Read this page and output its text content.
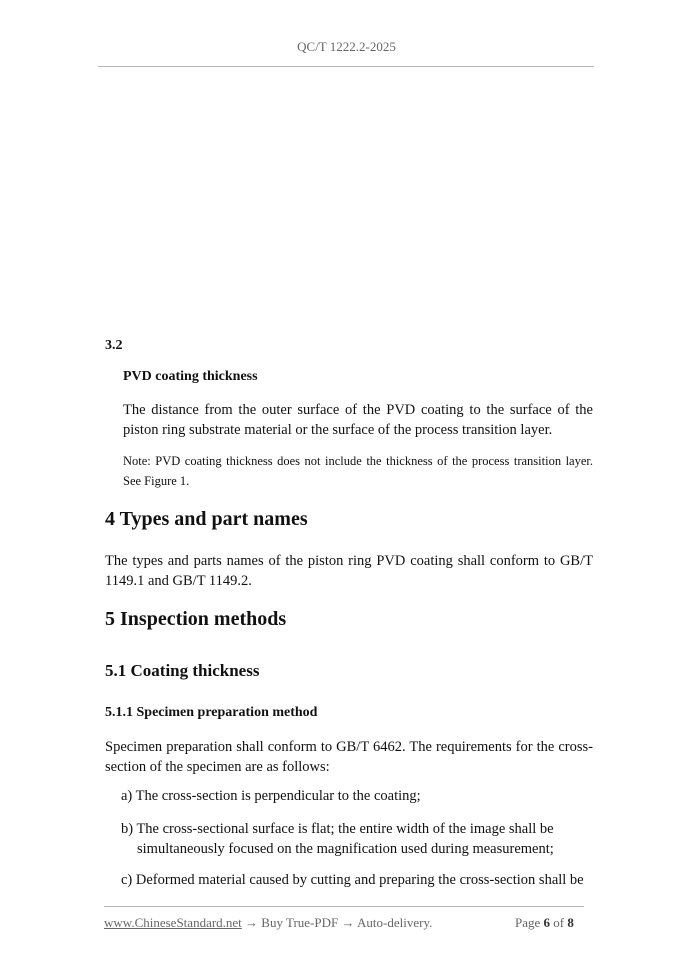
QC/T 1222.2-2025
3.2
PVD coating thickness
The distance from the outer surface of the PVD coating to the surface of the piston ring substrate material or the surface of the process transition layer.
Note: PVD coating thickness does not include the thickness of the process transition layer. See Figure 1.
4 Types and part names
The types and parts names of the piston ring PVD coating shall conform to GB/T 1149.1 and GB/T 1149.2.
5 Inspection methods
5.1 Coating thickness
5.1.1 Specimen preparation method
Specimen preparation shall conform to GB/T 6462. The requirements for the cross-section of the specimen are as follows:
a) The cross-section is perpendicular to the coating;
b) The cross-sectional surface is flat; the entire width of the image shall be
simultaneously focused on the magnification used during measurement;
c) Deformed material caused by cutting and preparing the cross-section shall be
www.ChineseStandard.net → Buy True-PDF → Auto-delivery.	Page 6 of 8
